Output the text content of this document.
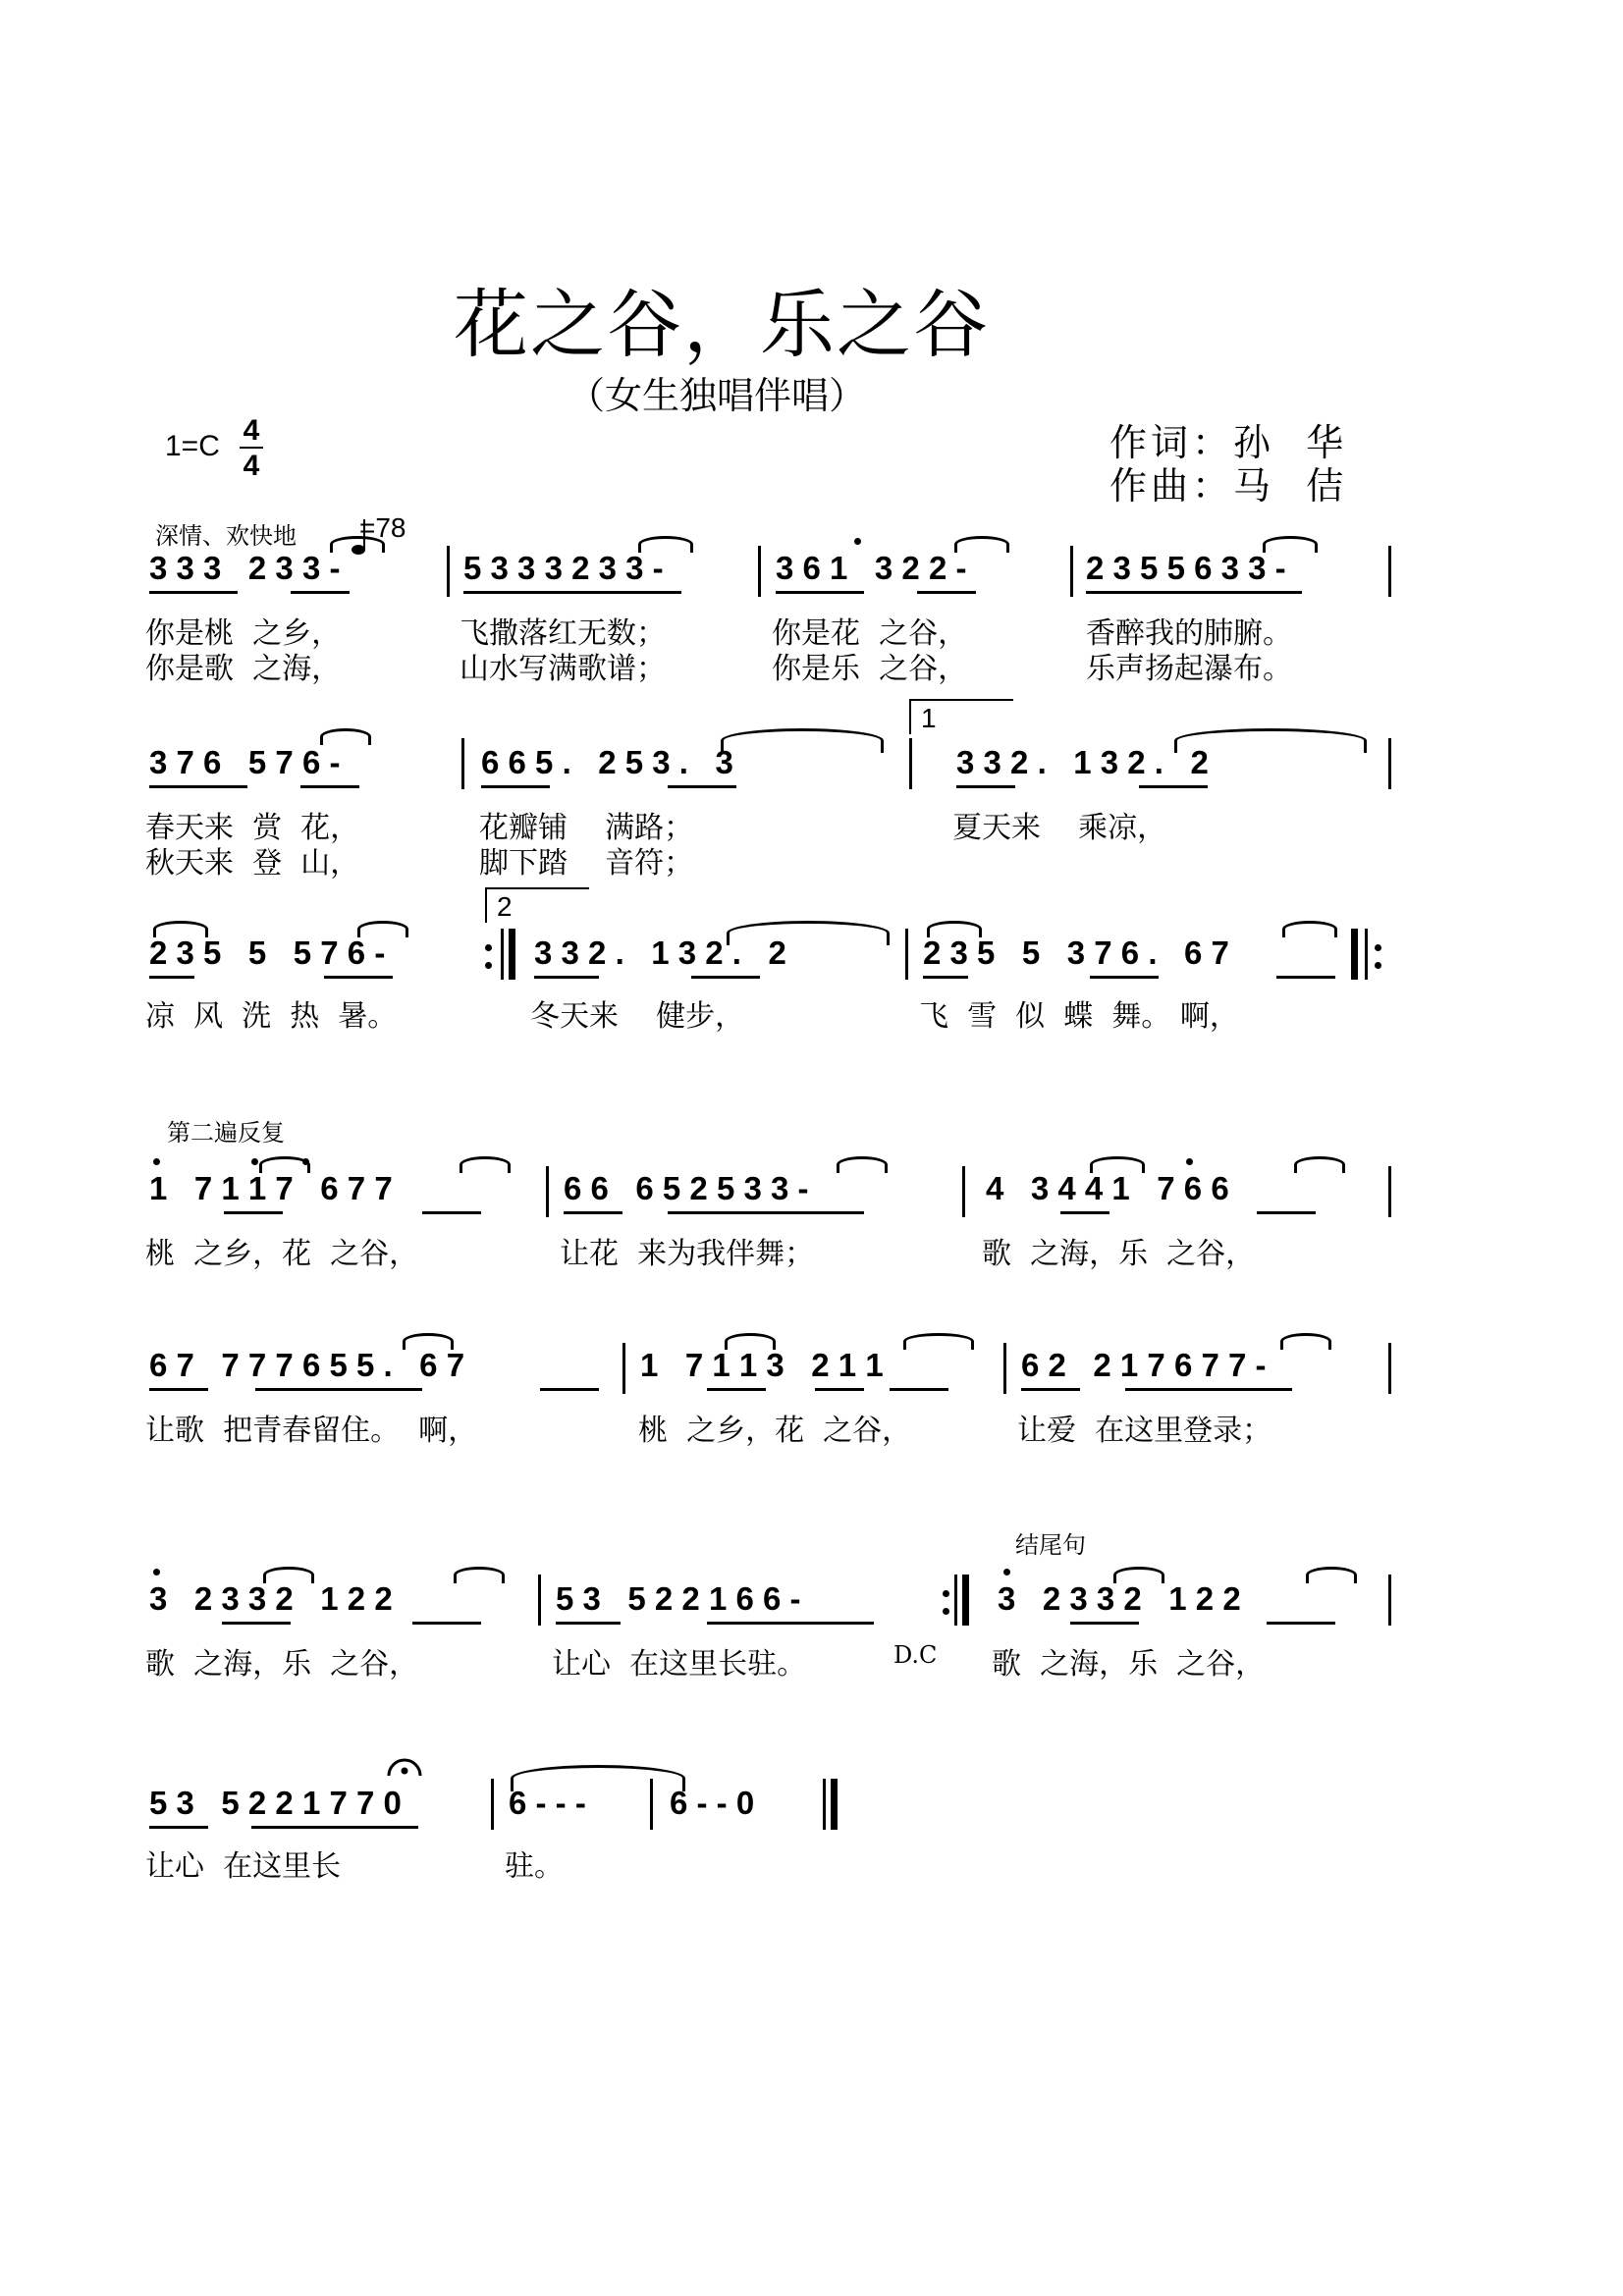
花之谷，乐之谷
（女生独唱伴唱）
1=C 4
4
作词：孙  华
作曲：马  佶
深情、欢快地

=78
3 3 3   2 3 3 -	5 3 3 3 2 3 3 -	3 6 1   3 2 2 -	2 3 5 5 6 3 3 -
你是桃  之乡，	飞撒落红无数；	你是花  之谷，	香醉我的肺腑。
你是歌  之海，	山水写满歌谱；	你是乐  之谷，	乐声扬起瀑布。
1
3 7 6   5 7 6 -	6 6 5 .   2 5 3 .   3	3 3 2 .   1 3 2 .   2
春天来  赏  花，	花瓣铺    满路；	夏天来    乘凉，
秋天来  登  山，	脚下踏    音符；
2
2 3 5   5   5 7 6 -	3 3 2 .   1 3 2 .   2	2 3 5   5   3 7 6 .   6 7
凉  风  洗  热  暑。	冬天来    健步，	飞  雪  似  蝶  舞。 啊，
第二遍反复
1   7 1 1 7   6 7 7	6 6   6 5 2 5 3 3 -	4   3 4 4 1   7 6 6
桃  之乡，花  之谷，	让花  来为我伴舞；	歌  之海，乐  之谷，
6 7   7 7 7 6 5 5 .   6 7	1   7 1 1 3   2 1 1	6 2   2 1 7 6 7 7 -
让歌  把青春留住。  啊，	桃  之乡，花  之谷，	让爱  在这里登录；
结尾句
3   2 3 3 2   1 2 2	5 3   5 2 2 1 6 6 -	3   2 3 3 2   1 2 2
歌  之海，乐  之谷，	让心  在这里长驻。	D.C 歌  之海，乐  之谷，

5 3   5 2 2 1 7 7 0	6 - - -	6 - - 0
让心  在这里长	驻。
